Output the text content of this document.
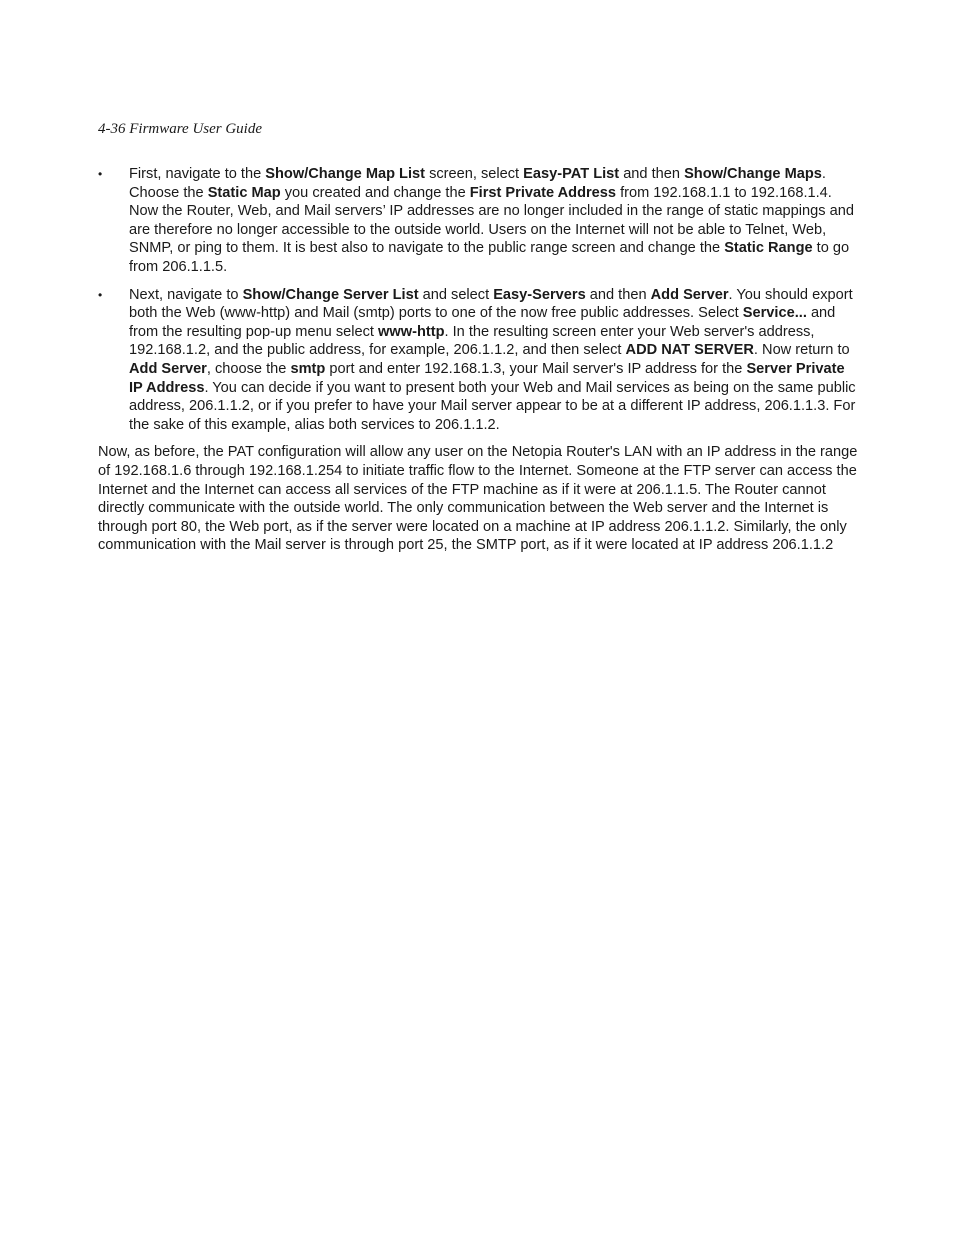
4-36 Firmware User Guide
• First, navigate to the Show/Change Map List screen, select Easy-PAT List and then Show/Change Maps. Choose the Static Map you created and change the First Private Address from 192.168.1.1 to 192.168.1.4. Now the Router, Web, and Mail servers’ IP addresses are no longer included in the range of static mappings and are therefore no longer accessible to the outside world. Users on the Internet will not be able to Telnet, Web, SNMP, or ping to them. It is best also to navigate to the public range screen and change the Static Range to go from 206.1.1.5.
• Next, navigate to Show/Change Server List and select Easy-Servers and then Add Server. You should export both the Web (www-http) and Mail (smtp) ports to one of the now free public addresses. Select Service... and from the resulting pop-up menu select www-http. In the resulting screen enter your Web server's address, 192.168.1.2, and the public address, for example, 206.1.1.2, and then select ADD NAT SERVER. Now return to Add Server, choose the smtp port and enter 192.168.1.3, your Mail server's IP address for the Server Private IP Address. You can decide if you want to present both your Web and Mail services as being on the same public address, 206.1.1.2, or if you prefer to have your Mail server appear to be at a different IP address, 206.1.1.3. For the sake of this example, alias both services to 206.1.1.2.

Now, as before, the PAT configuration will allow any user on the Netopia Router's LAN with an IP address in the range of 192.168.1.6 through 192.168.1.254 to initiate traffic flow to the Internet. Someone at the FTP server can access the Internet and the Internet can access all services of the FTP machine as if it were at 206.1.1.5. The Router cannot directly communicate with the outside world. The only communication between the Web server and the Internet is through port 80, the Web port, as if the server were located on a machine at IP address 206.1.1.2. Similarly, the only communication with the Mail server is through port 25, the SMTP port, as if it were located at IP address 206.1.1.2
